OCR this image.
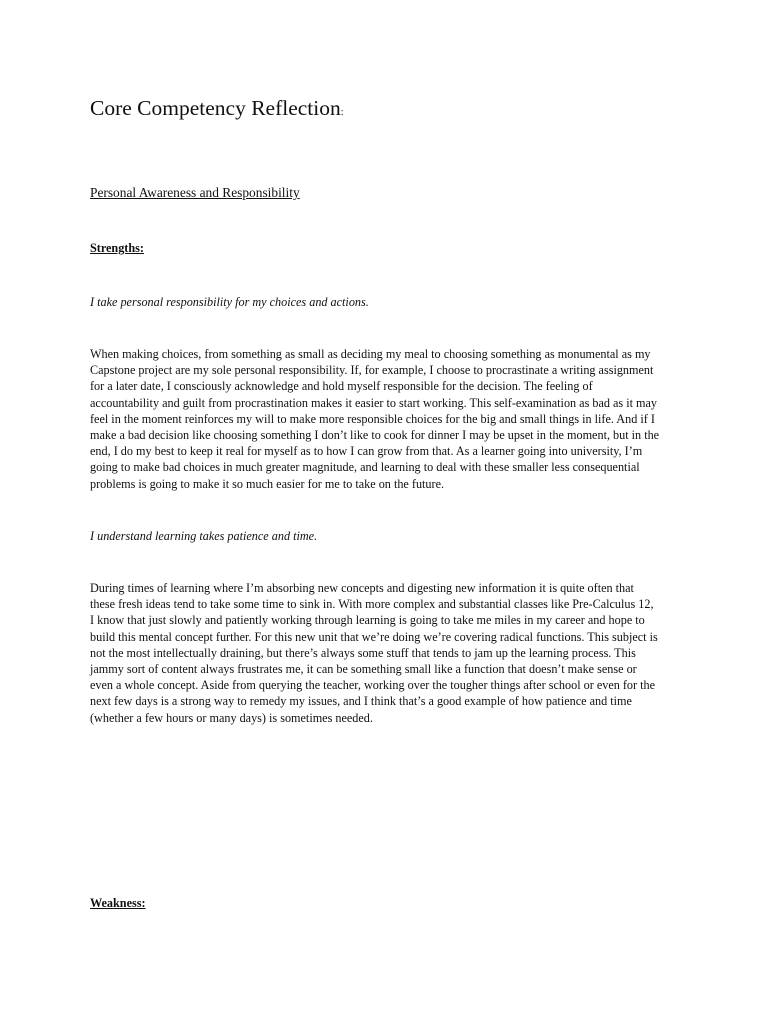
Core Competency Reflection:
Personal Awareness and Responsibility
Strengths:
I take personal responsibility for my choices and actions.
When making choices, from something as small as deciding my meal to choosing something as monumental as my
Capstone project are my sole personal responsibility. If, for example, I choose to procrastinate a writing assignment
for a later date, I consciously acknowledge and hold myself responsible for the decision. The feeling of
accountability and guilt from procrastination makes it easier to start working. This self-examination as bad as it may
feel in the moment reinforces my will to make more responsible choices for the big and small things in life. And if I
make a bad decision like choosing something I don’t like to cook for dinner I may be upset in the moment, but in the
end, I do my best to keep it real for myself as to how I can grow from that. As a learner going into university, I’m
going to make bad choices in much greater magnitude, and learning to deal with these smaller less consequential
problems is going to make it so much easier for me to take on the future.
I understand learning takes patience and time.
During times of learning where I’m absorbing new concepts and digesting new information it is quite often that
these fresh ideas tend to take some time to sink in. With more complex and substantial classes like Pre-Calculus 12,
I know that just slowly and patiently working through learning is going to take me miles in my career and hope to
build this mental concept further. For this new unit that we’re doing we’re covering radical functions. This subject is
not the most intellectually draining, but there’s always some stuff that tends to jam up the learning process. This
jammy sort of content always frustrates me, it can be something small like a function that doesn’t make sense or
even a whole concept. Aside from querying the teacher, working over the tougher things after school or even for the
next few days is a strong way to remedy my issues, and I think that’s a good example of how patience and time
(whether a few hours or many days) is sometimes needed.
Weakness:
